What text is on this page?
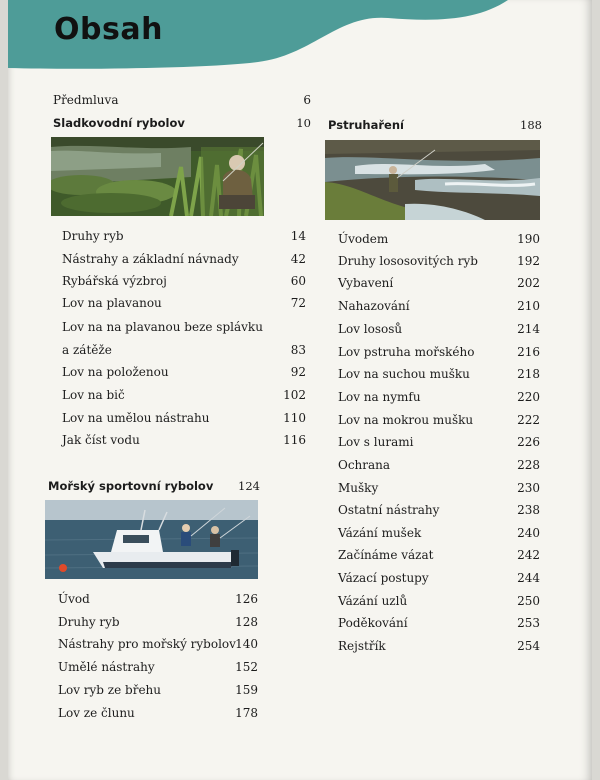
Obsah
Předmluva	6
Sladkovodní rybolov	10
Druhy ryb	14
Nástrahy a základní návnady	42
Rybářská výzbroj	60
Lov na plavanou	72
Lov na na plavanou beze splávku
a zátěže	83
Lov na položenou	92
Lov na bič	102
Lov na umělou nástrahu	110
Jak číst vodu	116
Mořský sportovní rybolov	124
Úvod	126
Druhy ryb	128
Nástrahy pro mořský rybolov 140
Umělé nástrahy	152
Lov ryb ze břehu	159
Lov ze člunu	178
Pstruhaření	188
Úvodem	190
Druhy lososovitých ryb	192
Vybavení	202
Nahazování	210
Lov lososů	214
Lov pstruha mořského	216
Lov na suchou mušku	218
Lov na nymfu	220
Lov na mokrou mušku	222
Lov s lurami	226
Ochrana	228
Mušky	230
Ostatní nástrahy	238
Vázání mušek	240
Začínáme vázat	242
Vázací postupy	244
Vázání uzlů	250
Poděkování	253
Rejstřík	254
